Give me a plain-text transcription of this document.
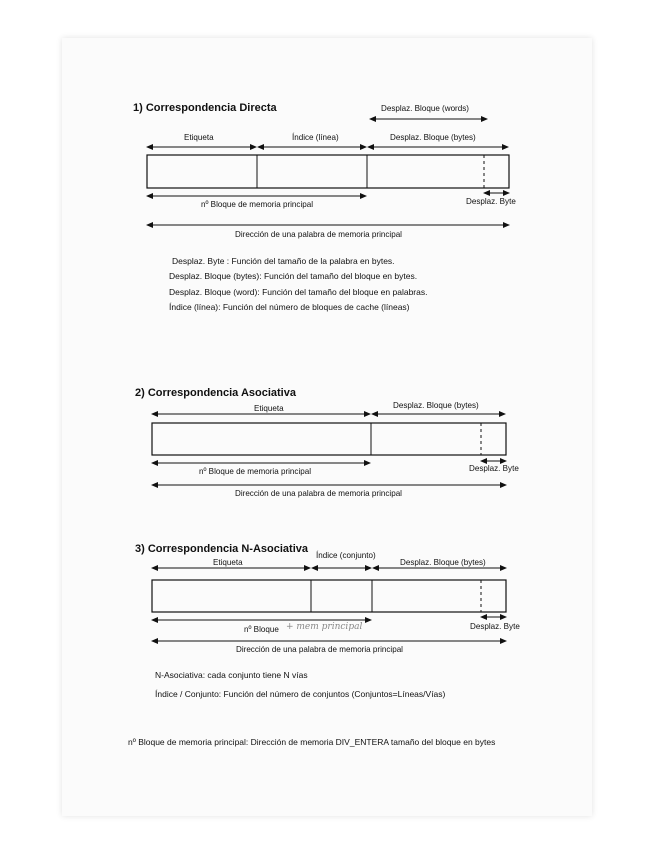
1) Correspondencia Directa	Desplaz. Bloque (words)
Etiqueta	Índice (línea)	Desplaz. Bloque (bytes)
nº Bloque de memoria principal	Desplaz. Byte
Dirección de una palabra de memoria principal
Desplaz. Byte : Función del tamaño de la palabra en bytes.
Desplaz. Bloque (bytes): Función del tamaño del bloque en bytes.
Desplaz. Bloque (word): Función del tamaño del bloque en palabras.
Índice (línea): Función del número de bloques de cache (líneas)
2) Correspondencia Asociativa
Etiqueta	Desplaz. Bloque (bytes)
nº Bloque de memoria principal	Desplaz. Byte
Dirección de una palabra de memoria principal
3) Correspondencia N-Asociativa Índice (conjunto)
Etiqueta	Desplaz. Bloque (bytes)
nº Bloque + mem principal	Desplaz. Byte
Dirección de una palabra de memoria principal
N-Asociativa: cada conjunto tiene N vías
Índice / Conjunto: Función del número de conjuntos (Conjuntos=Líneas/Vías)
nº Bloque de memoria principal: Dirección de memoria DIV_ENTERA tamaño del bloque en bytes
